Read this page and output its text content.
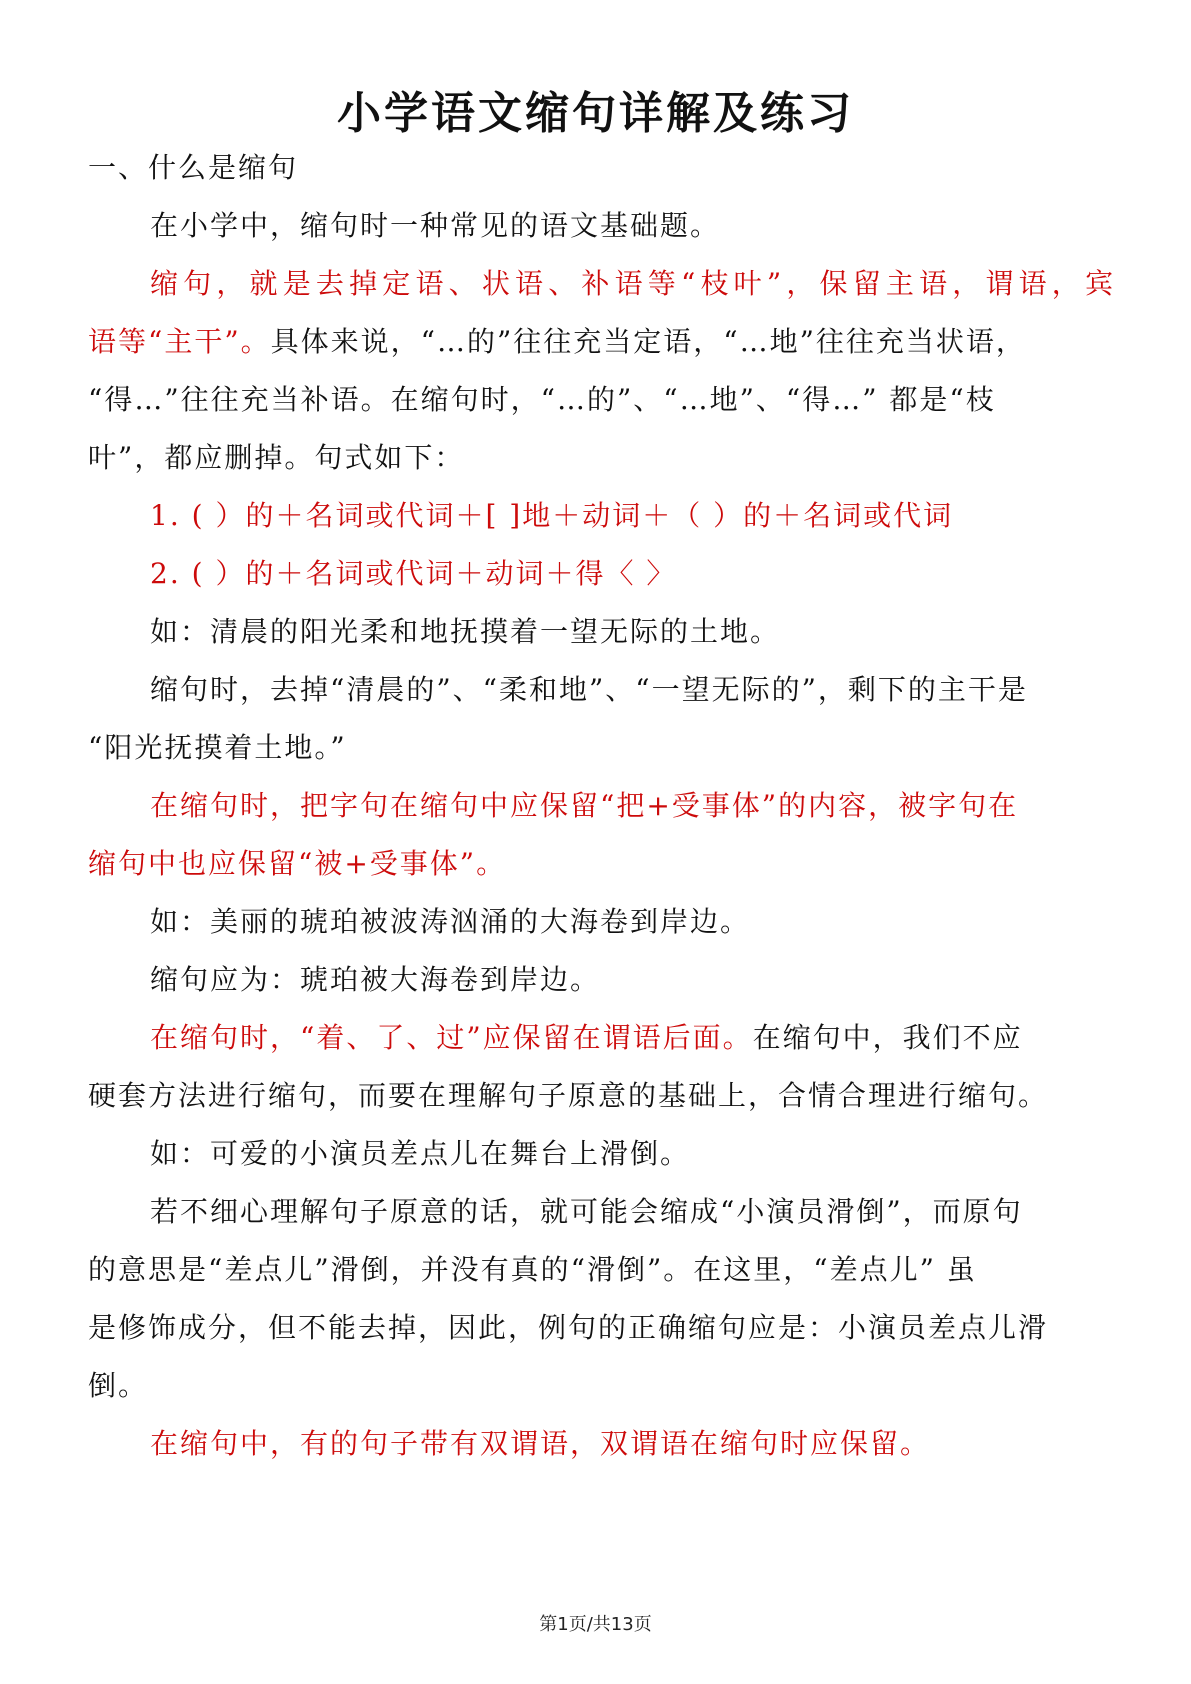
小学语文缩句详解及练习
一、什么是缩句
在小学中，缩句时一种常见的语文基础题。
缩句，就是去掉定语、状语、补语等“枝叶”，保留主语，谓语，宾
语等“主干”。具体来说，“…的”往往充当定语，“…地”往往充当状语，
“得…”往往充当补语。在缩句时，“…的”、“…地”、“得…” 都是“枝
叶”，都应删掉。句式如下：
1. ( ）的＋名词或代词＋[ ]地＋动词＋（ ）的＋名词或代词
2. ( ）的＋名词或代词＋动词＋得〈 〉
如：清晨的阳光柔和地抚摸着一望无际的土地。
缩句时，去掉“清晨的”、“柔和地”、“一望无际的”，剩下的主干是
“阳光抚摸着土地。”
在缩句时，把字句在缩句中应保留“把+受事体”的内容，被字句在
缩句中也应保留“被+受事体”。
如：美丽的琥珀被波涛汹涌的大海卷到岸边。
缩句应为：琥珀被大海卷到岸边。
在缩句时，“着、了、过”应保留在谓语后面。在缩句中，我们不应
硬套方法进行缩句，而要在理解句子原意的基础上，合情合理进行缩句。
如：可爱的小演员差点儿在舞台上滑倒。
若不细心理解句子原意的话，就可能会缩成“小演员滑倒”，而原句
的意思是“差点儿”滑倒，并没有真的“滑倒”。在这里，“差点儿” 虽
是修饰成分，但不能去掉，因此，例句的正确缩句应是：小演员差点儿滑
倒。
在缩句中，有的句子带有双谓语，双谓语在缩句时应保留。
第1页/共13页
